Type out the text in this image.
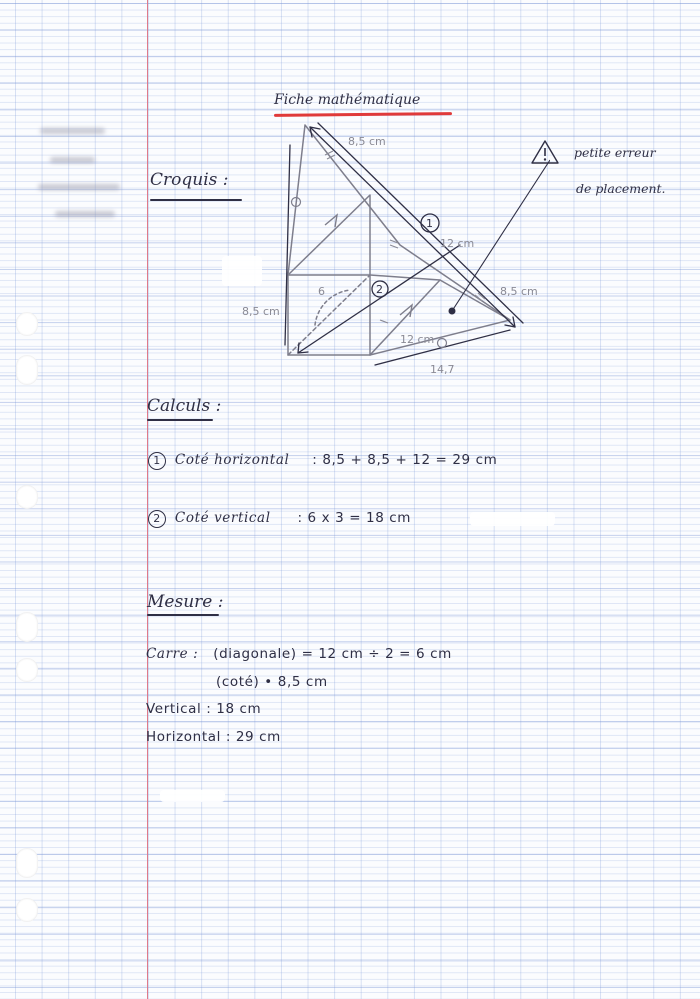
Fiche mathématique
Croquis :
8,5 cm
12 cm
8,5 cm
8,5 cm
14,7
12 cm
6
1
2
petite erreur
de placement.
Calculs :
1 Coté horizontal : 8,5 + 8,5 + 12 = 29 cm
2 Coté vertical : 6 x 3 = 18 cm
Mesure :
Carre : (diagonale) = 12 cm ÷ 2 = 6 cm
(coté) • 8,5 cm
Vertical : 18 cm
Horizontal : 29 cm
